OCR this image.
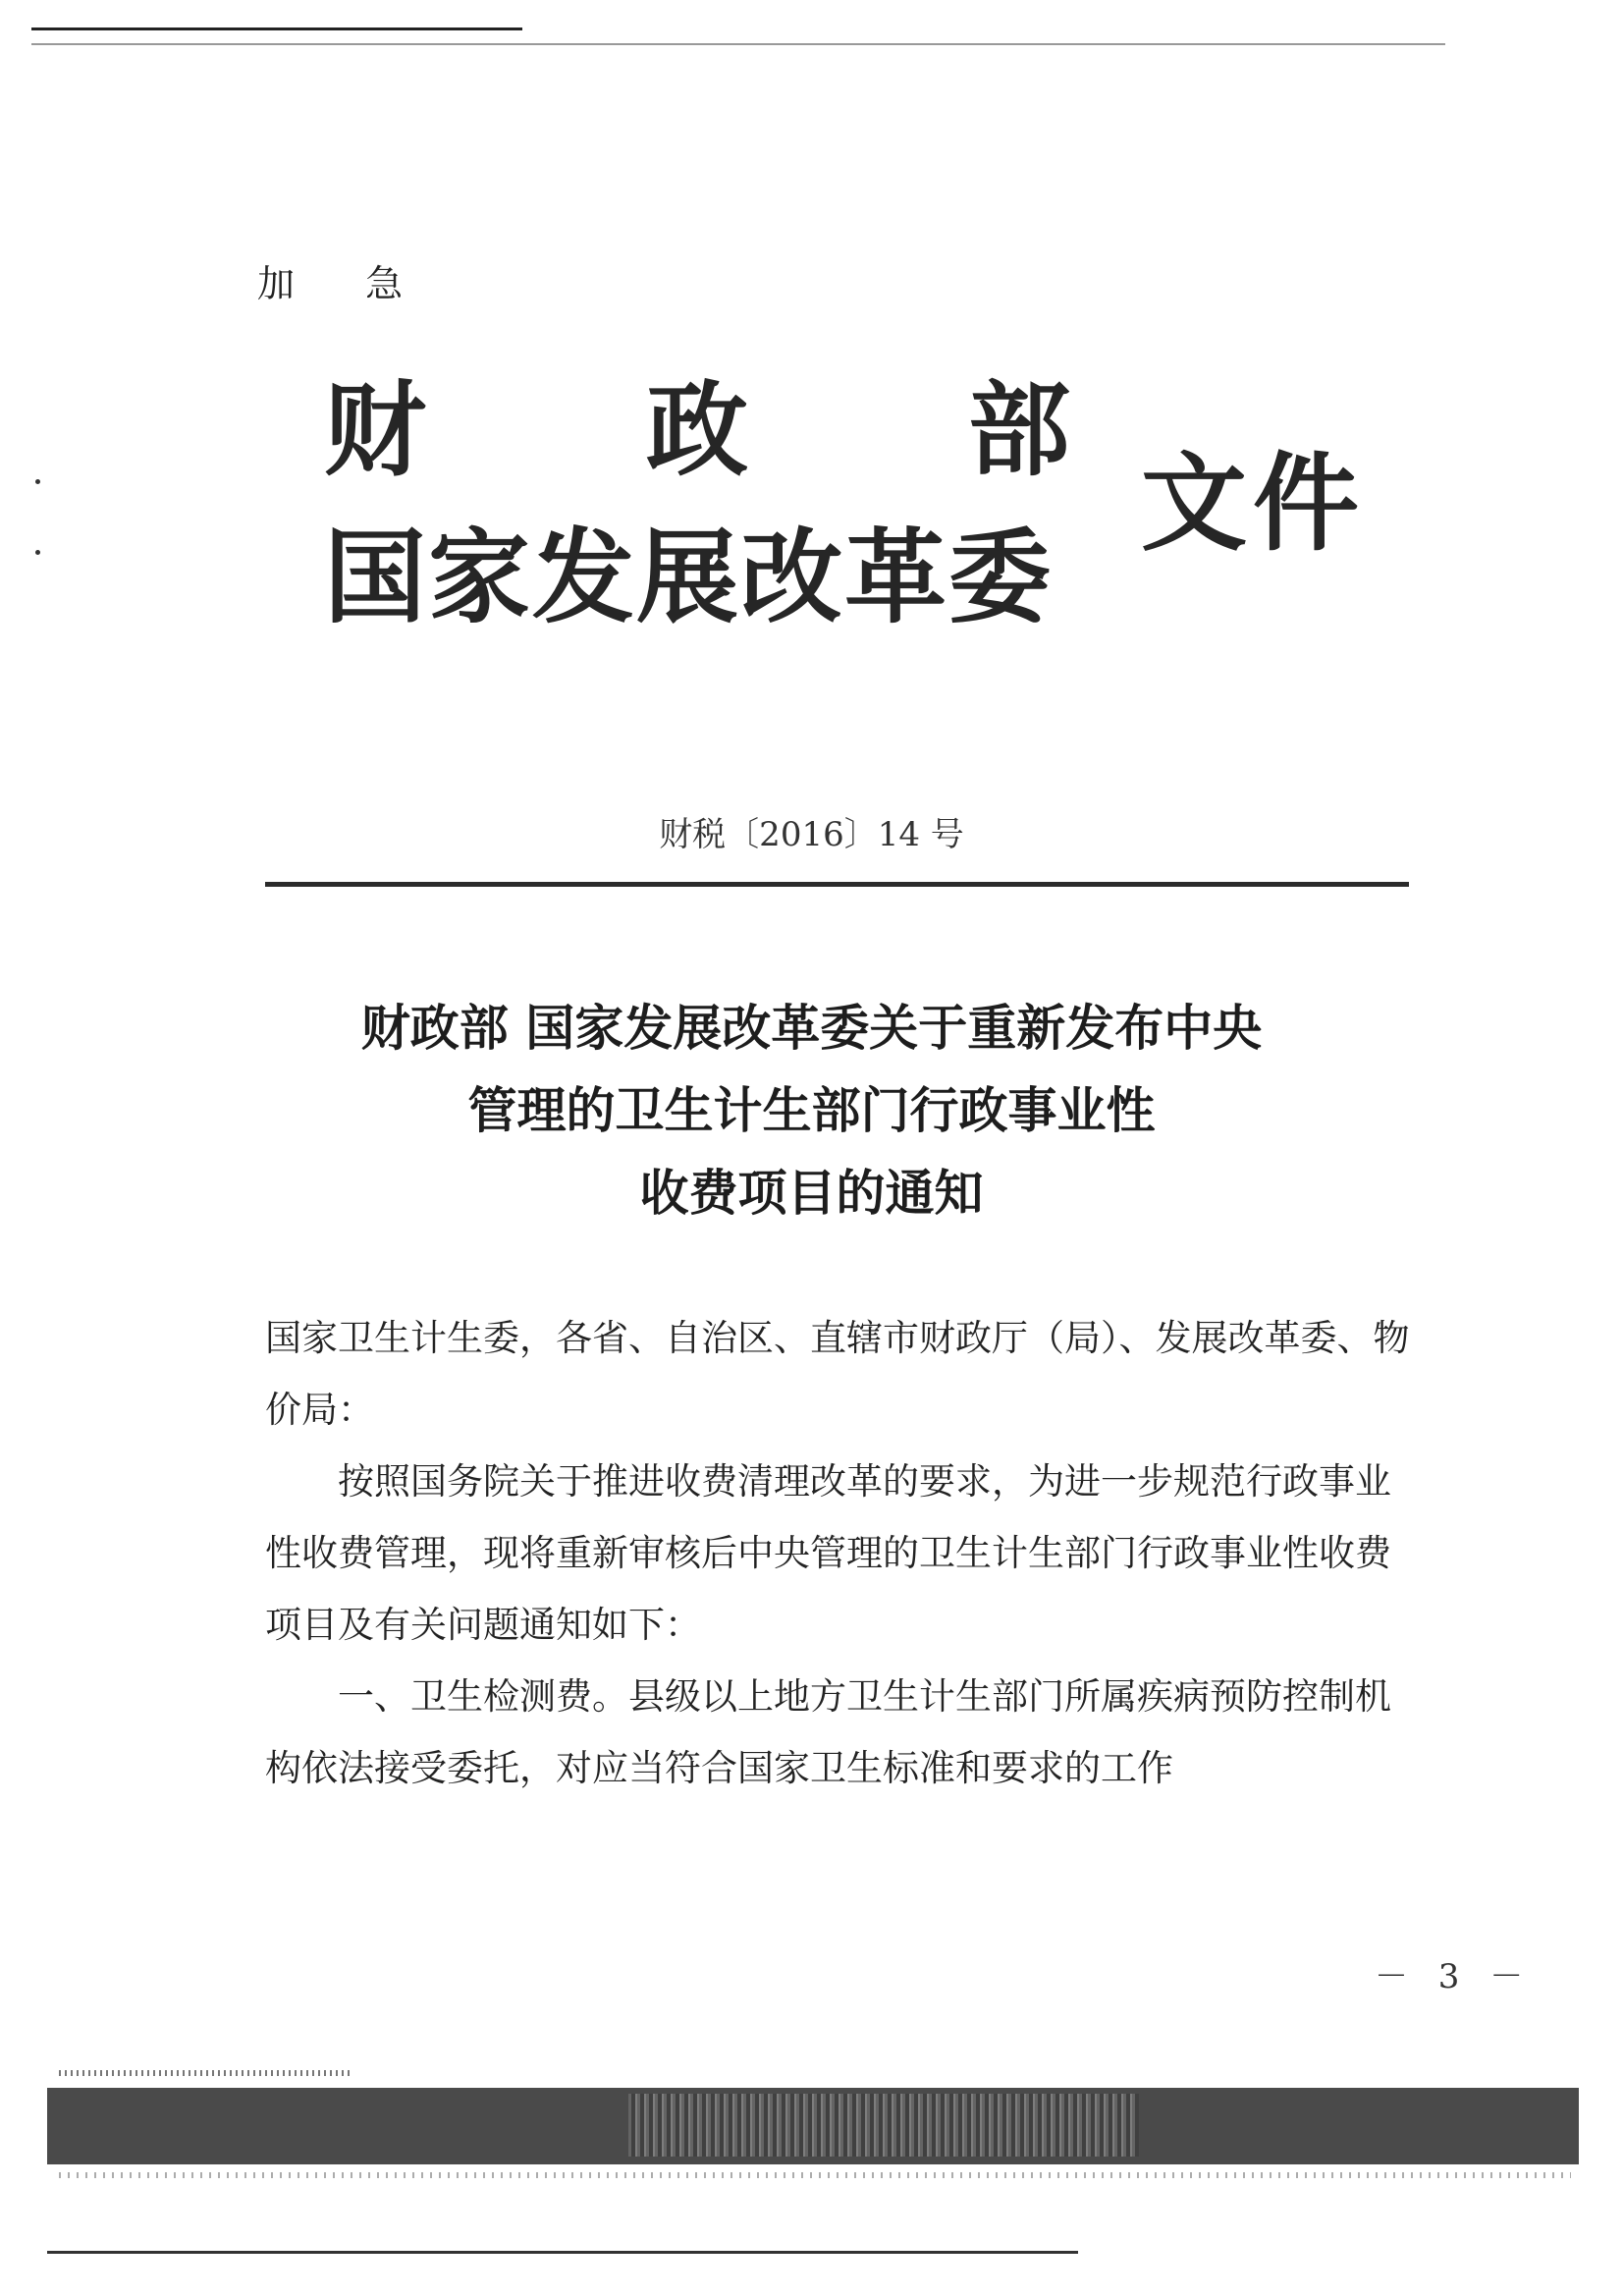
加 急
财 政 部
国家发展改革委
文件
财税〔2016〕14 号
财政部 国家发展改革委关于重新发布中央
管理的卫生计生部门行政事业性
收费项目的通知

国家卫生计生委，各省、自治区、直辖市财政厅（局）、发展改革委、物价局：

按照国务院关于推进收费清理改革的要求，为进一步规范行政事业性收费管理，现将重新审核后中央管理的卫生计生部门行政事业性收费项目及有关问题通知如下：

一、卫生检测费。县级以上地方卫生计生部门所属疾病预防控制机构依法接受委托，对应当符合国家卫生标准和要求的工作

－ 3 －
